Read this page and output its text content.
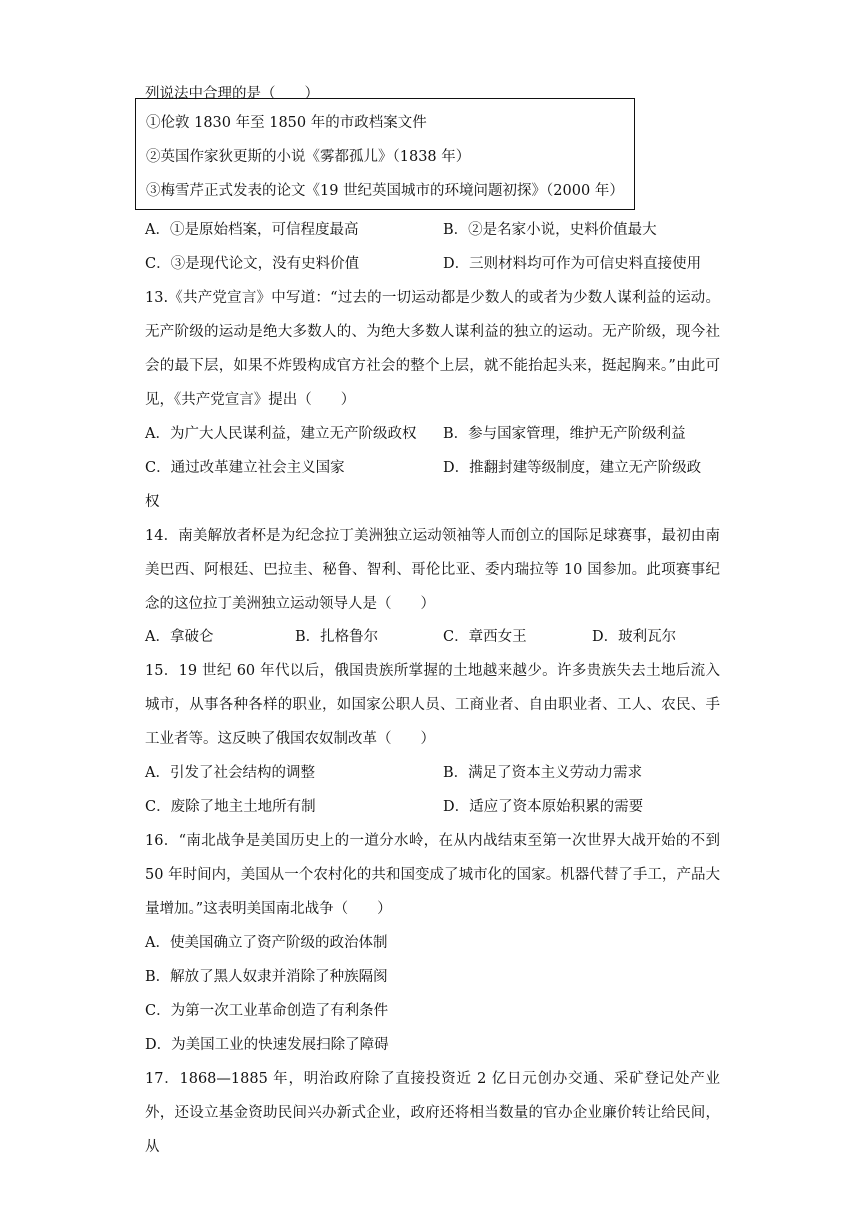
列说法中合理的是（　　）
①伦敦 1830 年至 1850 年的市政档案文件
②英国作家狄更斯的小说《雾都孤儿》（1838 年）
③梅雪芹正式发表的论文《19 世纪英国城市的环境问题初探》（2000 年）
A．①是原始档案，可信程度最高	B．②是名家小说，史料价值最大
C．③是现代论文，没有史料价值	D．三则材料均可作为可信史料直接使用
13.《共产党宣言》中写道：“过去的一切运动都是少数人的或者为少数人谋利益的运动。无产阶级的运动是绝大多数人的、为绝大多数人谋利益的独立的运动。无产阶级，现今社会的最下层，如果不炸毁构成官方社会的整个上层，就不能抬起头来，挺起胸来。”由此可见，《共产党宣言》提出（　　）
A．为广大人民谋利益，建立无产阶级政权 B．参与国家管理，维护无产阶级利益
C．通过改革建立社会主义国家	D．推翻封建等级制度，建立无产阶级政
权
14．南美解放者杯是为纪念拉丁美洲独立运动领袖等人而创立的国际足球赛事，最初由南美巴西、阿根廷、巴拉圭、秘鲁、智利、哥伦比亚、委内瑞拉等 10 国参加。此项赛事纪念的这位拉丁美洲独立运动领导人是（　　）
A．拿破仑	B．扎格鲁尔	C．章西女王	D．玻利瓦尔
15．19 世纪 60 年代以后，俄国贵族所掌握的土地越来越少。许多贵族失去土地后流入城市，从事各种各样的职业，如国家公职人员、工商业者、自由职业者、工人、农民、手工业者等。这反映了俄国农奴制改革（　　）
A．引发了社会结构的调整	B．满足了资本主义劳动力需求
C．废除了地主土地所有制	D．适应了资本原始积累的需要
16．“南北战争是美国历史上的一道分水岭，在从内战结束至第一次世界大战开始的不到 50 年时间内，美国从一个农村化的共和国变成了城市化的国家。机器代替了手工，产品大量增加。”这表明美国南北战争（　　）
A．使美国确立了资产阶级的政治体制
B．解放了黑人奴隶并消除了种族隔阂
C．为第一次工业革命创造了有利条件
D．为美国工业的快速发展扫除了障碍
17．1868—1885 年，明治政府除了直接投资近 2 亿日元创办交通、采矿登记处产业外，还设立基金资助民间兴办新式企业，政府还将相当数量的官办企业廉价转让给民间，从
